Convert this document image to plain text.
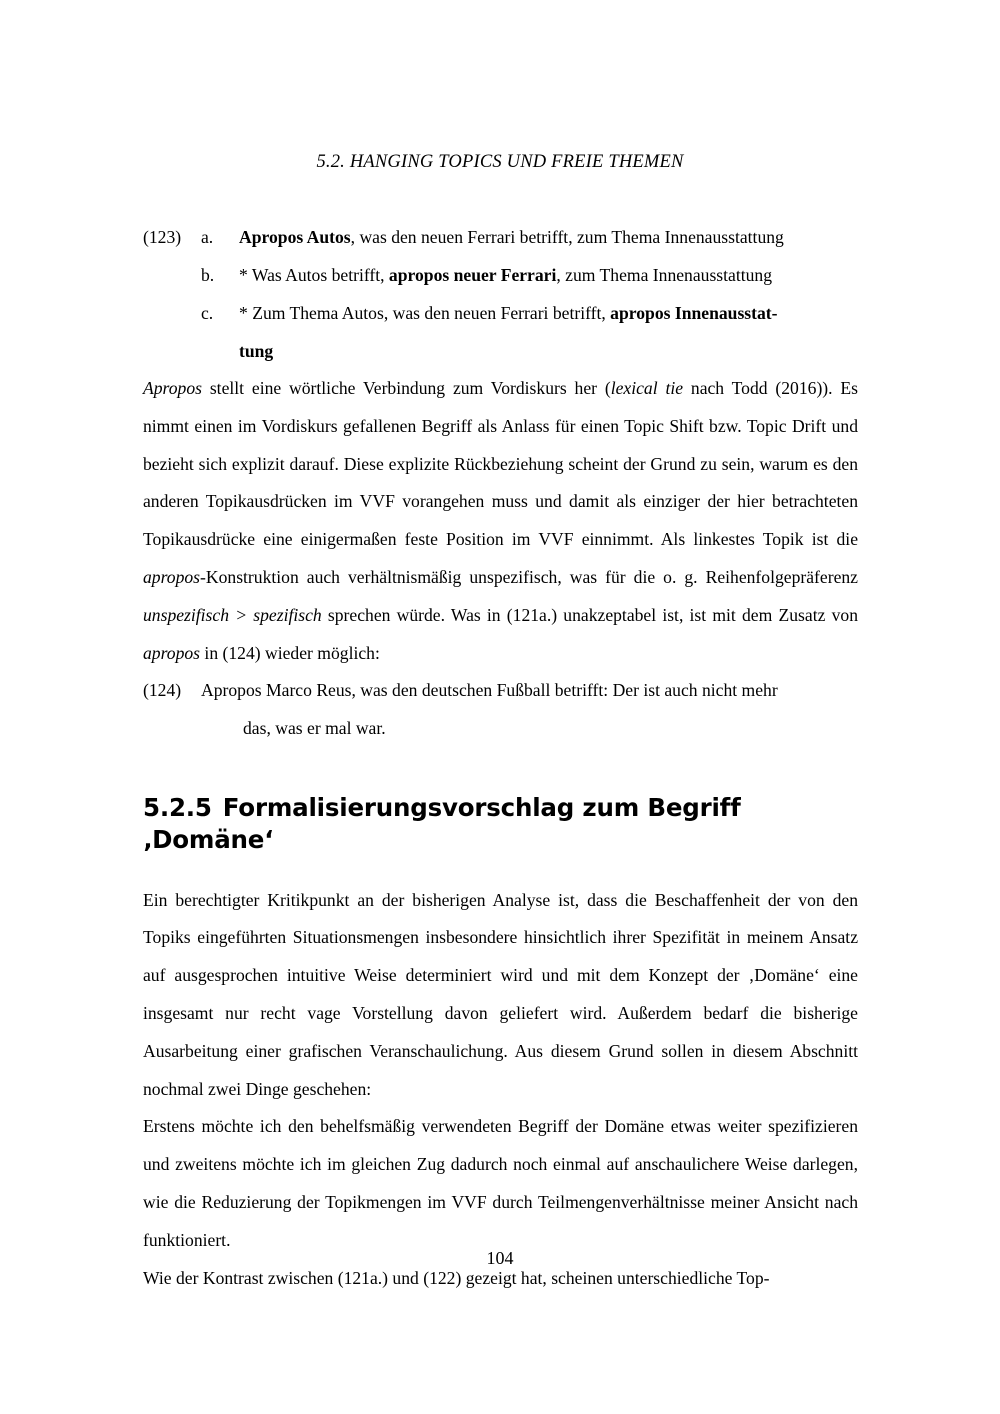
5.2. HANGING TOPICS UND FREIE THEMEN
(123)	a.	Apropos Autos, was den neuen Ferrari betrifft, zum Thema Innenausstattung
b.	* Was Autos betrifft, apropos neuer Ferrari, zum Thema Innenausstattung
c.	* Zum Thema Autos, was den neuen Ferrari betrifft, apropos Innenausstat-
tung

Apropos stellt eine wörtliche Verbindung zum Vordiskurs her (lexical tie nach Todd (2016)). Es nimmt einen im Vordiskurs gefallenen Begriff als Anlass für einen Topic Shift bzw. Topic Drift und bezieht sich explizit darauf. Diese explizite Rückbeziehung scheint der Grund zu sein, warum es den anderen Topikausdrücken im VVF vorangehen muss und damit als einziger der hier betrachteten Topikausdrücke eine einigermaßen feste Position im VVF einnimmt. Als linkestes Topik ist die apropos-Konstruktion auch verhältnismäßig unspezifisch, was für die o. g. Reihenfolgepräferenz unspezifisch > spezifisch sprechen würde. Was in (121a.) unakzeptabel ist, ist mit dem Zusatz von apropos in (124) wieder möglich:

(124)	Apropos Marco Reus, was den deutschen Fußball betrifft: Der ist auch nicht mehr
das, was er mal war.
5.2.5 Formalisierungsvorschlag zum Begriff ‚Domäne‘

Ein berechtigter Kritikpunkt an der bisherigen Analyse ist, dass die Beschaffenheit der von den Topiks eingeführten Situationsmengen insbesondere hinsichtlich ihrer Spezifität in meinem Ansatz auf ausgesprochen intuitive Weise determiniert wird und mit dem Konzept der ‚Domäne‘ eine insgesamt nur recht vage Vorstellung davon geliefert wird. Außerdem bedarf die bisherige Ausarbeitung einer grafischen Veranschaulichung. Aus diesem Grund sollen in diesem Abschnitt nochmal zwei Dinge geschehen:

Erstens möchte ich den behelfsmäßig verwendeten Begriff der Domäne etwas weiter spezifizieren und zweitens möchte ich im gleichen Zug dadurch noch einmal auf anschaulichere Weise darlegen, wie die Reduzierung der Topikmengen im VVF durch Teilmengenverhältnisse meiner Ansicht nach funktioniert.

Wie der Kontrast zwischen (121a.) und (122) gezeigt hat, scheinen unterschiedliche Top-

104
